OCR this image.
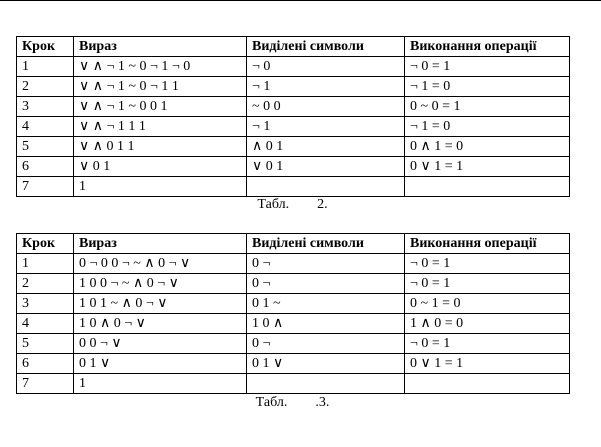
Крок	Вираз	Виділені символи	Виконання операції
1	∨ ∧ ¬ 1 ~ 0 ¬ 1 ¬ 0	¬ 0	¬ 0 = 1
2	∨ ∧ ¬ 1 ~ 0 ¬ 1 1	¬ 1	¬ 1 = 0
3	∨ ∧ ¬ 1 ~ 0 0 1	~ 0 0	0 ~ 0 = 1
4	∨ ∧ ¬ 1 1 1	¬ 1	¬ 1 = 0
5	∨ ∧ 0 1 1	∧ 0 1	0 ∧ 1 = 0
6	∨ 0 1	∨ 0 1	0 ∨ 1 = 1
7	1		
Табл. 2.
Крок	Вираз	Виділені символи	Виконання операції
1	0 ¬ 0 0 ¬ ~ ∧ 0 ¬ ∨	0 ¬	¬ 0 = 1
2	1 0 0 ¬ ~ ∧ 0 ¬ ∨	0 ¬	¬ 0 = 1
3	1 0 1 ~ ∧ 0 ¬ ∨	0 1 ~	0 ~ 1 = 0
4	1 0 ∧ 0 ¬ ∨	1 0 ∧	1 ∧ 0 = 0
5	0 0 ¬ ∨	0 ¬	¬ 0 = 1
6	0 1 ∨	0 1 ∨	0 ∨ 1 = 1
7	1		
Табл. .3.
